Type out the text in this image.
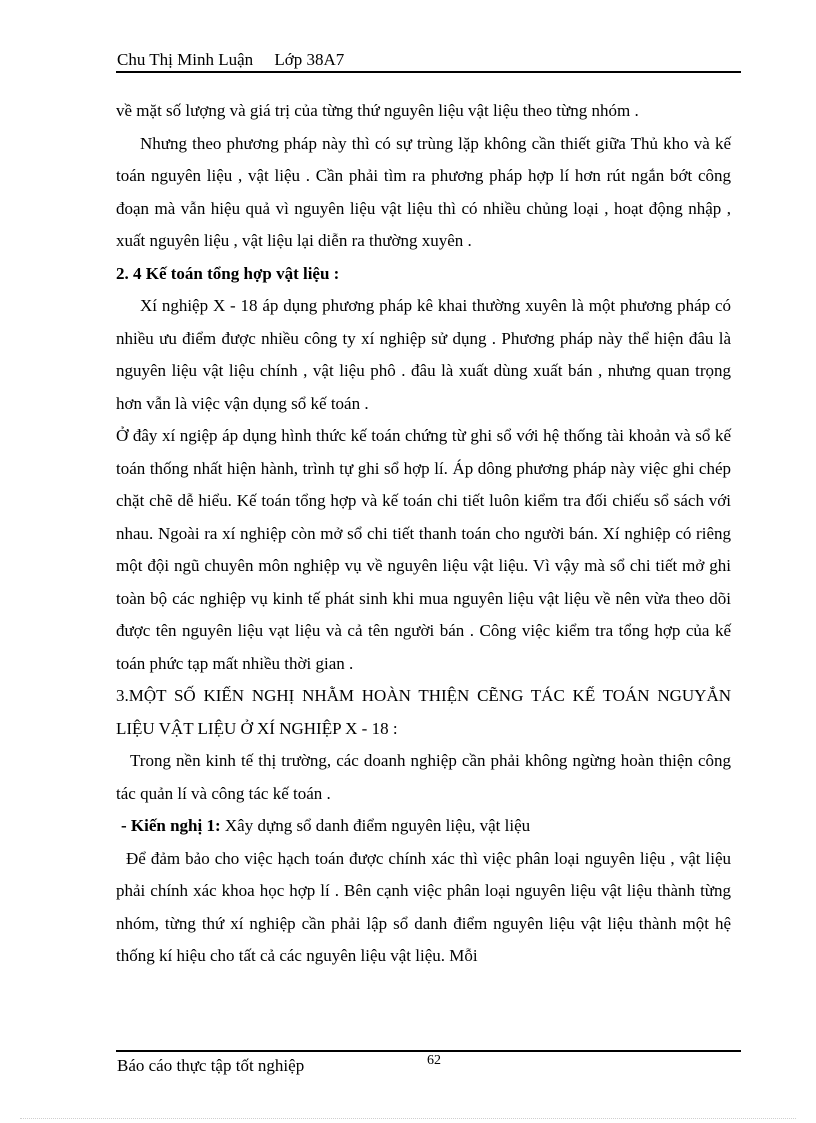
Chu Thị Minh Luận     Lớp 38A7

về mặt số lượng và giá trị của từng thứ nguyên liệu vật liệu theo từng nhóm .

Nhưng theo phương pháp này thì có sự trùng lặp không cần thiết giữa Thủ kho và kế toán nguyên liệu , vật liệu . Cần phải tìm ra phương pháp hợp lí hơn rút ngắn bớt công đoạn mà vẫn hiệu quả vì nguyên liệu vật liệu thì có nhiều chủng loại , hoạt động nhập , xuất nguyên liệu , vật liệu lại diễn ra thường xuyên .

2. 4 Kế toán tổng hợp vật liệu :

Xí nghiệp X - 18 áp dụng phương pháp kê khai thường xuyên là một phương pháp có nhiều ưu điểm được nhiều công ty xí nghiệp sử dụng . Phương pháp này thể hiện đâu là nguyên liệu vật liệu chính , vật liệu phô . đâu là xuất dùng xuất bán , nhưng quan trọng hơn vẫn là việc vận dụng sổ kế toán .

Ở đây xí ngiệp áp dụng hình thức kế toán chứng từ ghi sổ với hệ thống tài khoản và sổ kế toán thống nhất hiện hành, trình tự ghi sổ hợp lí. Áp dông phương pháp này việc ghi chép chặt chẽ dễ hiểu. Kế toán tổng hợp và kế toán chi tiết luôn kiểm tra đối chiếu sổ sách với nhau. Ngoài ra xí nghiệp còn mở sổ chi tiết thanh toán cho người bán. Xí nghiệp có riêng một đội ngũ chuyên môn nghiệp vụ về nguyên liệu vật liệu. Vì vậy mà sổ chi tiết mở ghi toàn bộ các nghiệp vụ kinh tế phát sinh khi mua nguyên liệu vật liệu về nên vừa theo dõi được tên nguyên liệu vạt liệu và cả tên người bán . Công việc kiểm tra tổng hợp của kế toán phức tạp mất nhiều thời gian .

3.MỘT SỐ KIẾN NGHỊ NHẰM HOÀN THIỆN CẼNG TÁC KẾ TOÁN NGUYẮN LIỆU VẬT LIỆU Ở XÍ NGHIỆP X - 18 :

Trong nền kinh tế thị trường, các doanh nghiệp cần phải không ngừng hoàn thiện công tác quản lí và công tác kế toán .

- Kiến nghị 1: Xây dựng sổ danh điểm nguyên liệu, vật liệu

Để đảm bảo cho việc hạch toán được chính xác thì việc phân loại nguyên liệu , vật liệu phải chính xác khoa học hợp lí . Bên cạnh việc phân loại nguyên liệu vật liệu thành từng nhóm, từng thứ xí nghiệp cần phải lập sổ danh điểm nguyên liệu vật liệu thành một hệ thống kí hiệu cho tất cả các nguyên liệu vật liệu. Mỗi

Báo cáo thực tập tốt nghiệp	62
